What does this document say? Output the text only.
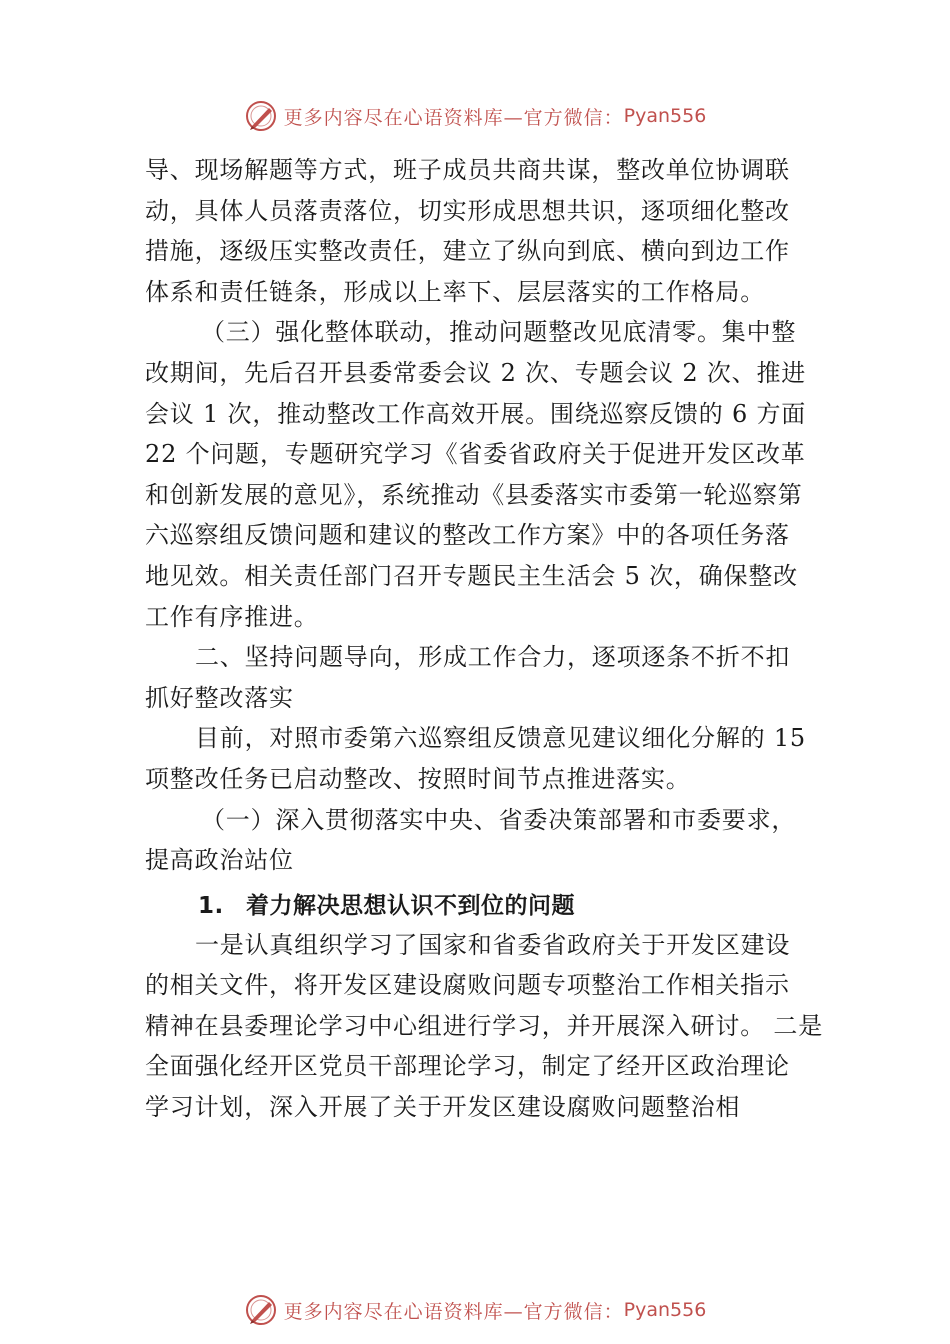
更多内容尽在心语资料库—官方微信： Pyan556
导、现场解题等方式，班子成员共商共谋，整改单位协调联
动，具体人员落责落位，切实形成思想共识，逐项细化整改
措施，逐级压实整改责任，建立了纵向到底、横向到边工作
体系和责任链条，形成以上率下、层层落实的工作格局。
（三）强化整体联动，推动问题整改见底清零。集中整
改期间，先后召开县委常委会议 2 次、专题会议 2 次、推进
会议 1 次，推动整改工作高效开展。围绕巡察反馈的 6 方面
22 个问题，专题研究学习《省委省政府关于促进开发区改革
和创新发展的意见》，系统推动《县委落实市委第一轮巡察第
六巡察组反馈问题和建议的整改工作方案》中的各项任务落
地见效。相关责任部门召开专题民主生活会 5 次，确保整改
工作有序推进。
二、坚持问题导向，形成工作合力，逐项逐条不折不扣
抓好整改落实
目前，对照市委第六巡察组反馈意见建议细化分解的 15
项整改任务已启动整改、按照时间节点推进落实。
（一）深入贯彻落实中央、省委决策部署和市委要求，
提高政治站位
1. 着力解决思想认识不到位的问题
一是认真组织学习了国家和省委省政府关于开发区建设
的相关文件，将开发区建设腐败问题专项整治工作相关指示
精神在县委理论学习中心组进行学习，并开展深入研讨。 二是
全面强化经开区党员干部理论学习，制定了经开区政治理论
学习计划，深入开展了关于开发区建设腐败问题整治相
更多内容尽在心语资料库—官方微信： Pyan556
